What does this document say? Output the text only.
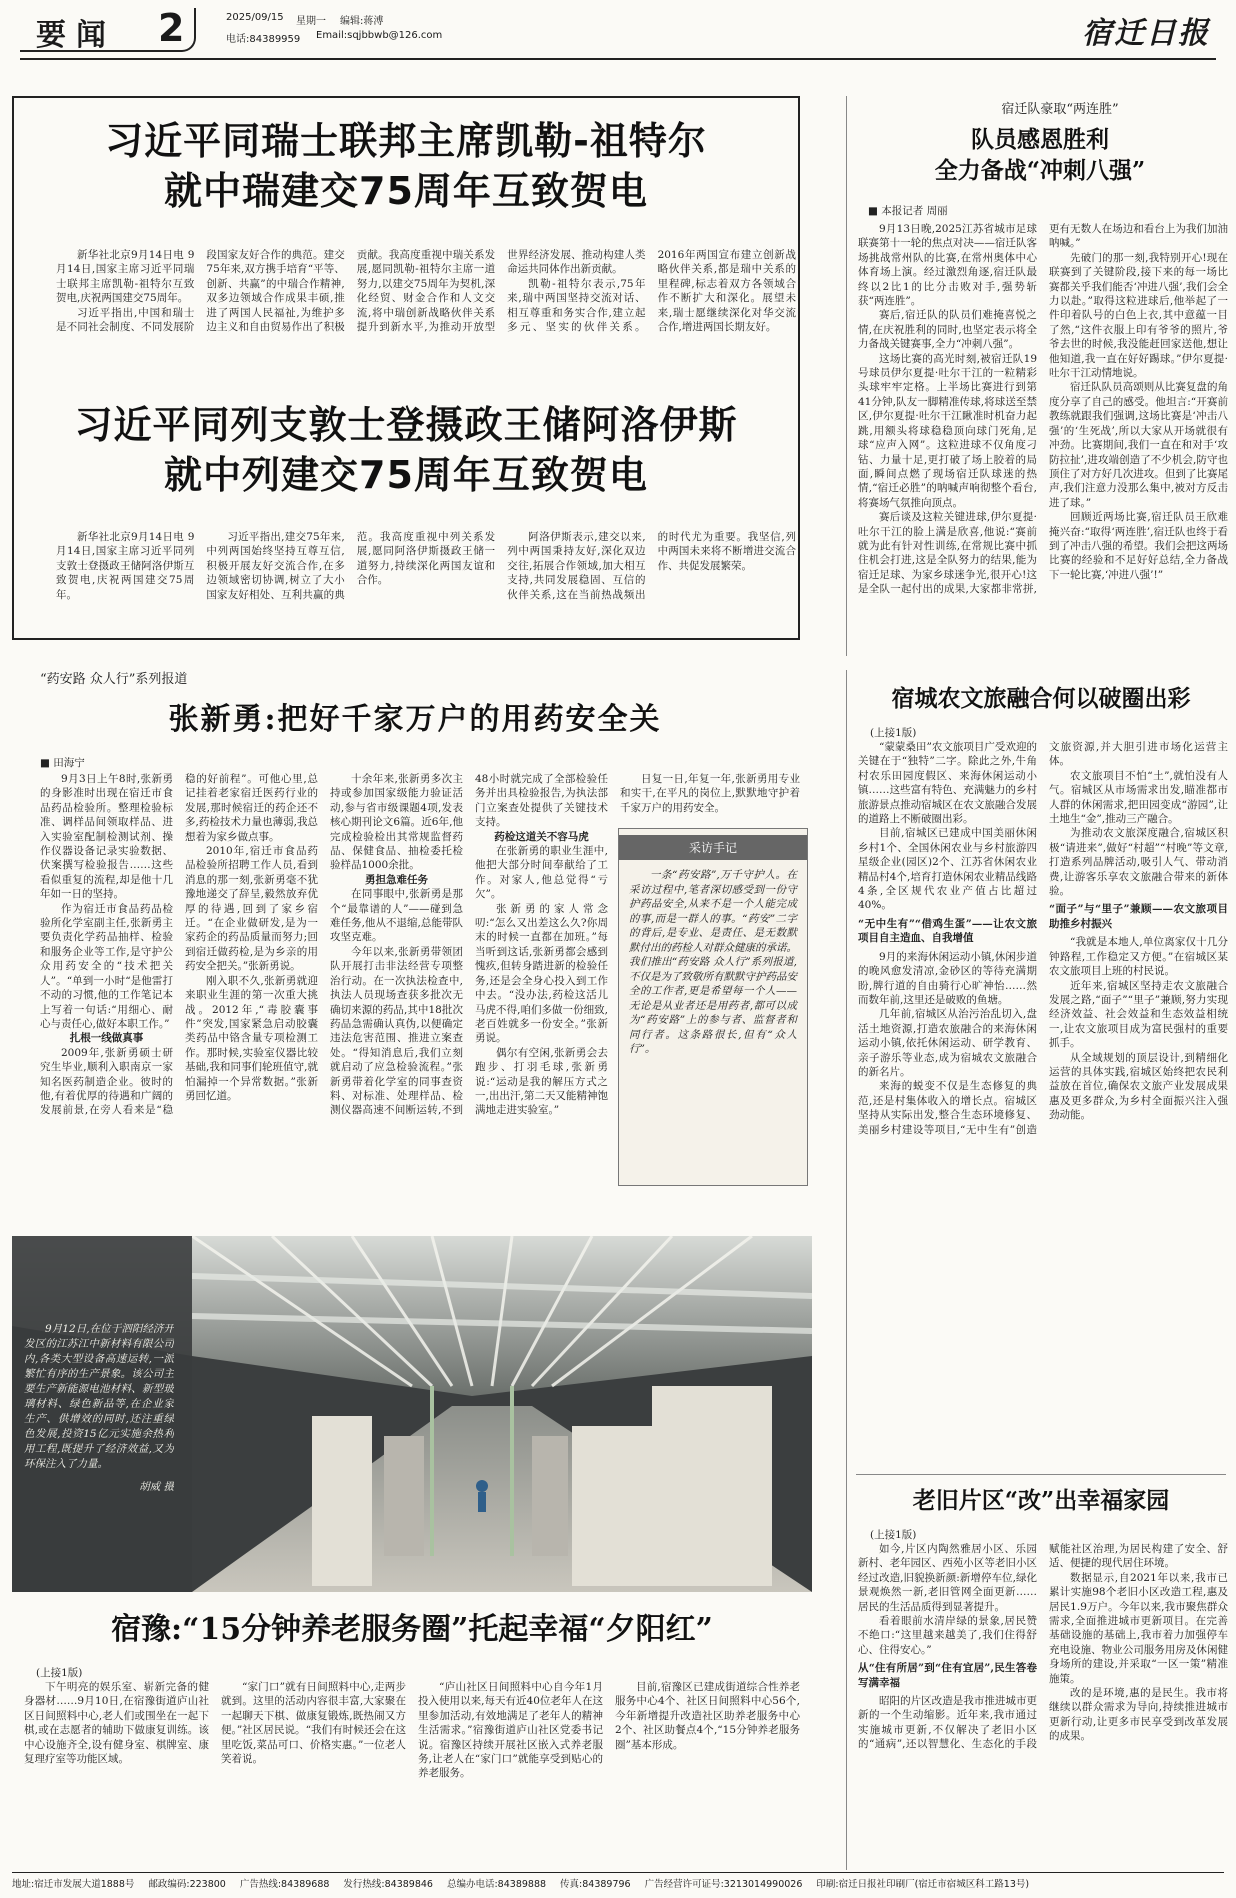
要闻 2	2025/09/15 星期一 编辑:蒋溥
电话:84389959 Email:sqjbbwb@126.com	宿迁日报
习近平同瑞士联邦主席凯勒-祖特尔
就中瑞建交75周年互致贺电

新华社北京9月14日电 9月14日,国家主席习近平同瑞士联邦主席凯勒-祖特尔互致贺电,庆祝两国建交75周年。

习近平指出,中国和瑞士是不同社会制度、不同发展阶段国家友好合作的典范。建交75年来,双方携手培育“平等、创新、共赢”的中瑞合作精神,双多边领域合作成果丰硕,推进了两国人民福祉,为维护多边主义和自由贸易作出了积极贡献。我高度重视中瑞关系发展,愿同凯勒-祖特尔主席一道努力,以建交75周年为契机,深化经贸、财金合作和人文交流,将中瑞创新战略伙伴关系提升到新水平,为推动开放型世界经济发展、推动构建人类命运共同体作出新贡献。

凯勒-祖特尔表示,75年来,瑞中两国坚持交流对话、相互尊重和务实合作,建立起多元、坚实的伙伴关系。2016年两国宣布建立创新战略伙伴关系,都是瑞中关系的里程碑,标志着双方各领域合作不断扩大和深化。展望未来,瑞士愿继续深化对华交流合作,增进两国长期友好。

习近平同列支敦士登摄政王储阿洛伊斯
就中列建交75周年互致贺电

新华社北京9月14日电 9月14日,国家主席习近平同列支敦士登摄政王储阿洛伊斯互致贺电,庆祝两国建交75周年。

习近平指出,建交75年来,中列两国始终坚持互尊互信,积极开展友好交流合作,在多边领域密切协调,树立了大小国家友好相处、互利共赢的典范。我高度重视中列关系发展,愿同阿洛伊斯摄政王储一道努力,持续深化两国友谊和合作。

阿洛伊斯表示,建交以来,列中两国秉持友好,深化双边交往,拓展合作领域,加大相互支持,共同发展稳固、互信的伙伴关系,这在当前热战频出的时代尤为重要。我坚信,列中两国未来将不断增进交流合作、共促发展繁荣。

宿迁队豪取“两连胜”
队员感恩胜利
全力备战“冲刺八强”
■ 本报记者 周丽

9月13日晚,2025江苏省城市足球联赛第十一轮的焦点对决——宿迁队客场挑战常州队的比赛,在常州奥体中心体育场上演。经过激烈角逐,宿迁队最终以2比1的比分击败对手,强势斩获“两连胜”。

赛后,宿迁队的队员们难掩喜悦之情,在庆祝胜利的同时,也坚定表示将全力备战关键赛事,全力“冲刺八强”。

这场比赛的高光时刻,被宿迁队19号球员伊尔夏提·吐尔干江的一粒精彩头球牢牢定格。上半场比赛进行到第41分钟,队友一脚精准传球,将球送至禁区,伊尔夏提·吐尔干江瞅准时机奋力起跳,用额头将球稳稳顶向球门死角,足球“应声入网”。这粒进球不仅角度刁钻、力量十足,更打破了场上胶着的局面,瞬间点燃了现场宿迁队球迷的热情,“宿迁必胜”的呐喊声响彻整个看台,将赛场气氛推向顶点。

赛后谈及这粒关键进球,伊尔夏提·吐尔干江的脸上满是欣喜,他说:“赛前就为此有针对性训练,在常规比赛中抓住机会打进,这是全队努力的结果,能为宿迁足球、为家乡球迷争光,很开心!这是全队一起付出的成果,大家都非常拼,更有无数人在场边和看台上为我们加油呐喊。”

先破门的那一刻,我特别开心!现在联赛到了关键阶段,接下来的每一场比赛都关乎我们能否‘冲进八强’,我们会全力以赴。”取得这粒进球后,他举起了一件印着队号的白色上衣,其中意蕴一目了然,“这件衣服上印有爷爷的照片,爷爷去世的时候,我没能赶回家送他,想让他知道,我一直在好好踢球。”伊尔夏提·吐尔干江动情地说。

宿迁队队员高颂则从比赛复盘的角度分享了自己的感受。他坦言:“开赛前教练就跟我们强调,这场比赛是‘冲击八强’的‘生死战’,所以大家从开场就很有冲劲。比赛期间,我们一直在和对手‘攻防拉扯’,进攻端创造了不少机会,防守也顶住了对方好几次进攻。但到了比赛尾声,我们注意力没那么集中,被对方反击进了球。”

回顾近两场比赛,宿迁队员王欣难掩兴奋:“取得‘两连胜’,宿迁队也终于看到了冲击八强的希望。我们会把这两场比赛的经验和不足好好总结,全力备战下一轮比赛,‘冲进八强’!”

“药安路 众人行”系列报道
张新勇:把好千家万户的用药安全关
■ 田海宁

9月3日上午8时,张新勇的身影准时出现在宿迁市食品药品检验所。整理检验标准、调样品间领取样品、进入实验室配制检测试剂、操作仪器设备记录实验数据、伏案撰写检验报告……这些看似重复的流程,却是他十几年如一日的坚持。

作为宿迁市食品药品检验所化学室副主任,张新勇主要负责化学药品抽样、检验和服务企业等工作,是守护公众用药安全的“技术把关人”。“单到一小时“是他雷打不动的习惯,他的工作笔记本上写着一句话:“用细心、耐心与责任心,做好本职工作。”

扎根一线做真事

2009年,张新勇硕士研究生毕业,顺利入职南京一家知名医药制造企业。彼时的他,有着优厚的待遇和广阔的发展前景,在旁人看来是“稳稳的好前程”。可他心里,总记挂着老家宿迁医药行业的发展,那时候宿迁的药企还不多,药检技术力量也薄弱,我总想着为家乡做点事。

2010年,宿迁市食品药品检验所招聘工作人员,看到消息的那一刻,张新勇毫不犹豫地递交了辞呈,毅然放弃优厚的待遇,回到了家乡宿迁。“在企业做研发,是为一家药企的药品质量而努力;回到宿迁做药检,是为乡亲的用药安全把关。”张新勇说。

刚入职不久,张新勇就迎来职业生涯的第一次重大挑战。2012年,“毒胶囊事件”突发,国家紧急启动胶囊类药品中铬含量专项检测工作。那时候,实验室仪器比较基础,我和同事们轮班值守,就怕漏掉一个异常数据。”张新勇回忆道。

十余年来,张新勇多次主持或参加国家级能力验证活动,参与省市级课题4项,发表核心期刊论文6篇。近6年,他完成检验检出其常规监督药品、保健食品、抽检委托检验样品1000余批。

勇担急难任务

在同事眼中,张新勇是那个“最靠谱的人”——碰到急难任务,他从不退缩,总能带队攻坚克难。

今年以来,张新勇带领团队开展打击非法经营专项整治行动。在一次执法检查中,执法人员现场查获多批次无确切来源的药品,其中18批次药品急需确认真伪,以便确定违法危害范围、推进立案查处。“得知消息后,我们立刻就启动了应急检验流程。”张新勇带着化学室的同事查资料、对标准、处理样品、检测仪器高速不间断运转,不到48小时就完成了全部检验任务并出具检验报告,为执法部门立案查处提供了关键技术支持。

药检这道关不容马虎

在张新勇的职业生涯中,他把大部分时间奉献给了工作。对家人,他总觉得“亏欠”。

张新勇的家人常念叨:“怎么又出差这么久?你周末的时候一直都在加班。”每当听到这话,张新勇都会感到愧疚,但转身踏进新的检验任务,还是会全身心投入到工作中去。“没办法,药检这活儿马虎不得,咱们多做一份细致,老百姓就多一份安全。”张新勇说。

偶尔有空闲,张新勇会去跑步、打羽毛球,张新勇说:“运动是我的解压方式之一,出出汗,第二天又能精神饱满地走进实验室。”

日复一日,年复一年,张新勇用专业和实干,在平凡的岗位上,默默地守护着千家万户的用药安全。

采访手记
一条“药安路”,万千守护人。在采访过程中,笔者深切感受到一份守护药品安全,从来不是一个人能完成的事,而是一群人的事。“药安”二字的背后,是专业、是责任、是无数默默付出的药检人对群众健康的承诺。我们推出“药安路 众人行”系列报道,不仅是为了致敬所有默默守护药品安全的工作者,更是希望每一个人——无论是从业者还是用药者,都可以成为“药安路”上的参与者、监督者和同行者。这条路很长,但有“众人行”。

9月12日,在位于泗阳经济开发区的江苏江中新材料有限公司内,各类大型设备高速运转,一派繁忙有序的生产景象。该公司主要生产新能源电池材料、新型玻璃材料、绿色新品等,在企业家生产、供增效的同时,还注重绿色发展,投资15亿元实施余热利用工程,既提升了经济效益,又为环保注入了力量。

胡威 摄

宿豫:“15分钟养老服务圈”托起幸福“夕阳红”
(上接1版)

下午明亮的娱乐室、崭新完备的健身器材……9月10日,在宿豫街道庐山社区日间照料中心,老人们或围坐在一起下棋,或在志愿者的辅助下做康复训练。该中心设施齐全,设有健身室、棋牌室、康复理疗室等功能区域。

“家门口”就有日间照料中心,走两步就到。这里的活动内容很丰富,大家聚在一起聊天下棋、做康复锻炼,既热闹又方便。”社区居民说。“我们有时候还会在这里吃饭,菜品可口、价格实惠。”一位老人笑着说。

“庐山社区日间照料中心自今年1月投入使用以来,每天有近40位老年人在这里参加活动,有效地满足了老年人的精神生活需求。”宿豫街道庐山社区党委书记说。宿豫区持续开展社区嵌入式养老服务,让老人在“家门口”就能享受到贴心的养老服务。

目前,宿豫区已建成街道综合性养老服务中心4个、社区日间照料中心56个,今年新增提升改造社区助养老服务中心2个、社区助餐点4个,“15分钟养老服务圈”基本形成。

宿城农文旅融合何以破圈出彩
(上接1版)

“蒙蒙桑田”农文旅项目广受欢迎的关键在于“独特”二字。除此之外,牛角村农乐田园度假区、来海休闲运动小镇……这些富有特色、充满魅力的乡村旅游景点推动宿城区在农文旅融合发展的道路上不断破圈出彩。

目前,宿城区已建成中国美丽休闲乡村1个、全国休闲农业与乡村旅游四星级企业(园区)2个、江苏省休闲农业精品村4个,培育打造休闲农业精品线路4条,全区规代农业产值占比超过40%。

“无中生有”“借鸡生蛋”——让农文旅项目自主造血、自我增值

9月的来海休闲运动小镇,休闲步道的晚风愈发清凉,金砂区的等待充满期盼,牌行道的自由骑行心旷神怡……然而数年前,这里还是破败的鱼塘。

几年前,宿城区从治污治乱切入,盘活土地资源,打造农旅融合的来海休闲运动小镇,依托休闲运动、研学教育、亲子游乐等业态,成为宿城农文旅融合的新名片。

来海的蜕变不仅是生态修复的典范,还是村集体收入的增长点。宿城区坚持从实际出发,整合生态环境修复、美丽乡村建设等项目,“无中生有”创造文旅资源,并大胆引进市场化运营主体。

农文旅项目不怕“土”,就怕没有人气。宿城区从市场需求出发,瞄准都市人群的休闲需求,把田园变成“游园”,让土地生“金”,推动三产融合。

为推动农文旅深度融合,宿城区积极“请进来”,做好“村超”“村晚”等文章,打造系列品牌活动,吸引人气、带动消费,让游客乐享农文旅融合带来的新体验。

“面子”与“里子”兼顾——农文旅项目助推乡村振兴

“我就是本地人,单位离家仅十几分钟路程,工作稳定又方便。”在宿城区某农文旅项目上班的村民说。

近年来,宿城区坚持走农文旅融合发展之路,“面子”“里子”兼顾,努力实现经济效益、社会效益和生态效益相统一,让农文旅项目成为富民强村的重要抓手。

从全域规划的顶层设计,到精细化运营的具体实践,宿城区始终把农民利益放在首位,确保农文旅产业发展成果惠及更多群众,为乡村全面振兴注入强劲动能。

老旧片区“改”出幸福家园
(上接1版)

如今,片区内陶然雅居小区、乐园新村、老年园区、西苑小区等老旧小区经过改造,旧貌换新颜:新增停车位,绿化景观焕然一新,老旧管网全面更新……居民的生活品质得到显著提升。

看着眼前水清岸绿的景象,居民赞不绝口:“这里越来越美了,我们住得舒心、住得安心。”

从“住有所居”到“住有宜居”,民生答卷写满幸福

昭阳的片区改造是我市推进城市更新的一个生动缩影。近年来,我市通过实施城市更新,不仅解决了老旧小区的“通病”,还以智慧化、生态化的手段赋能社区治理,为居民构建了安全、舒适、便捷的现代居住环境。

数据显示,自2021年以来,我市已累计实施98个老旧小区改造工程,惠及居民1.9万户。今年以来,我市聚焦群众需求,全面推进城市更新项目。在完善基础设施的基础上,我市着力加强停车充电设施、物业公司服务用房及休闲健身场所的建设,并采取“一区一策”精准施策。

改的是环境,惠的是民生。我市将继续以群众需求为导向,持续推进城市更新行动,让更多市民享受到改革发展的成果。

地址:宿迁市发展大道1888号 邮政编码:223800 广告热线:84389688 发行热线:84389846 总编办电话:84389888 传真:84389796 广告经营许可证号:3213014990026 印刷:宿迁日报社印刷厂(宿迁市宿城区科工路13号)
